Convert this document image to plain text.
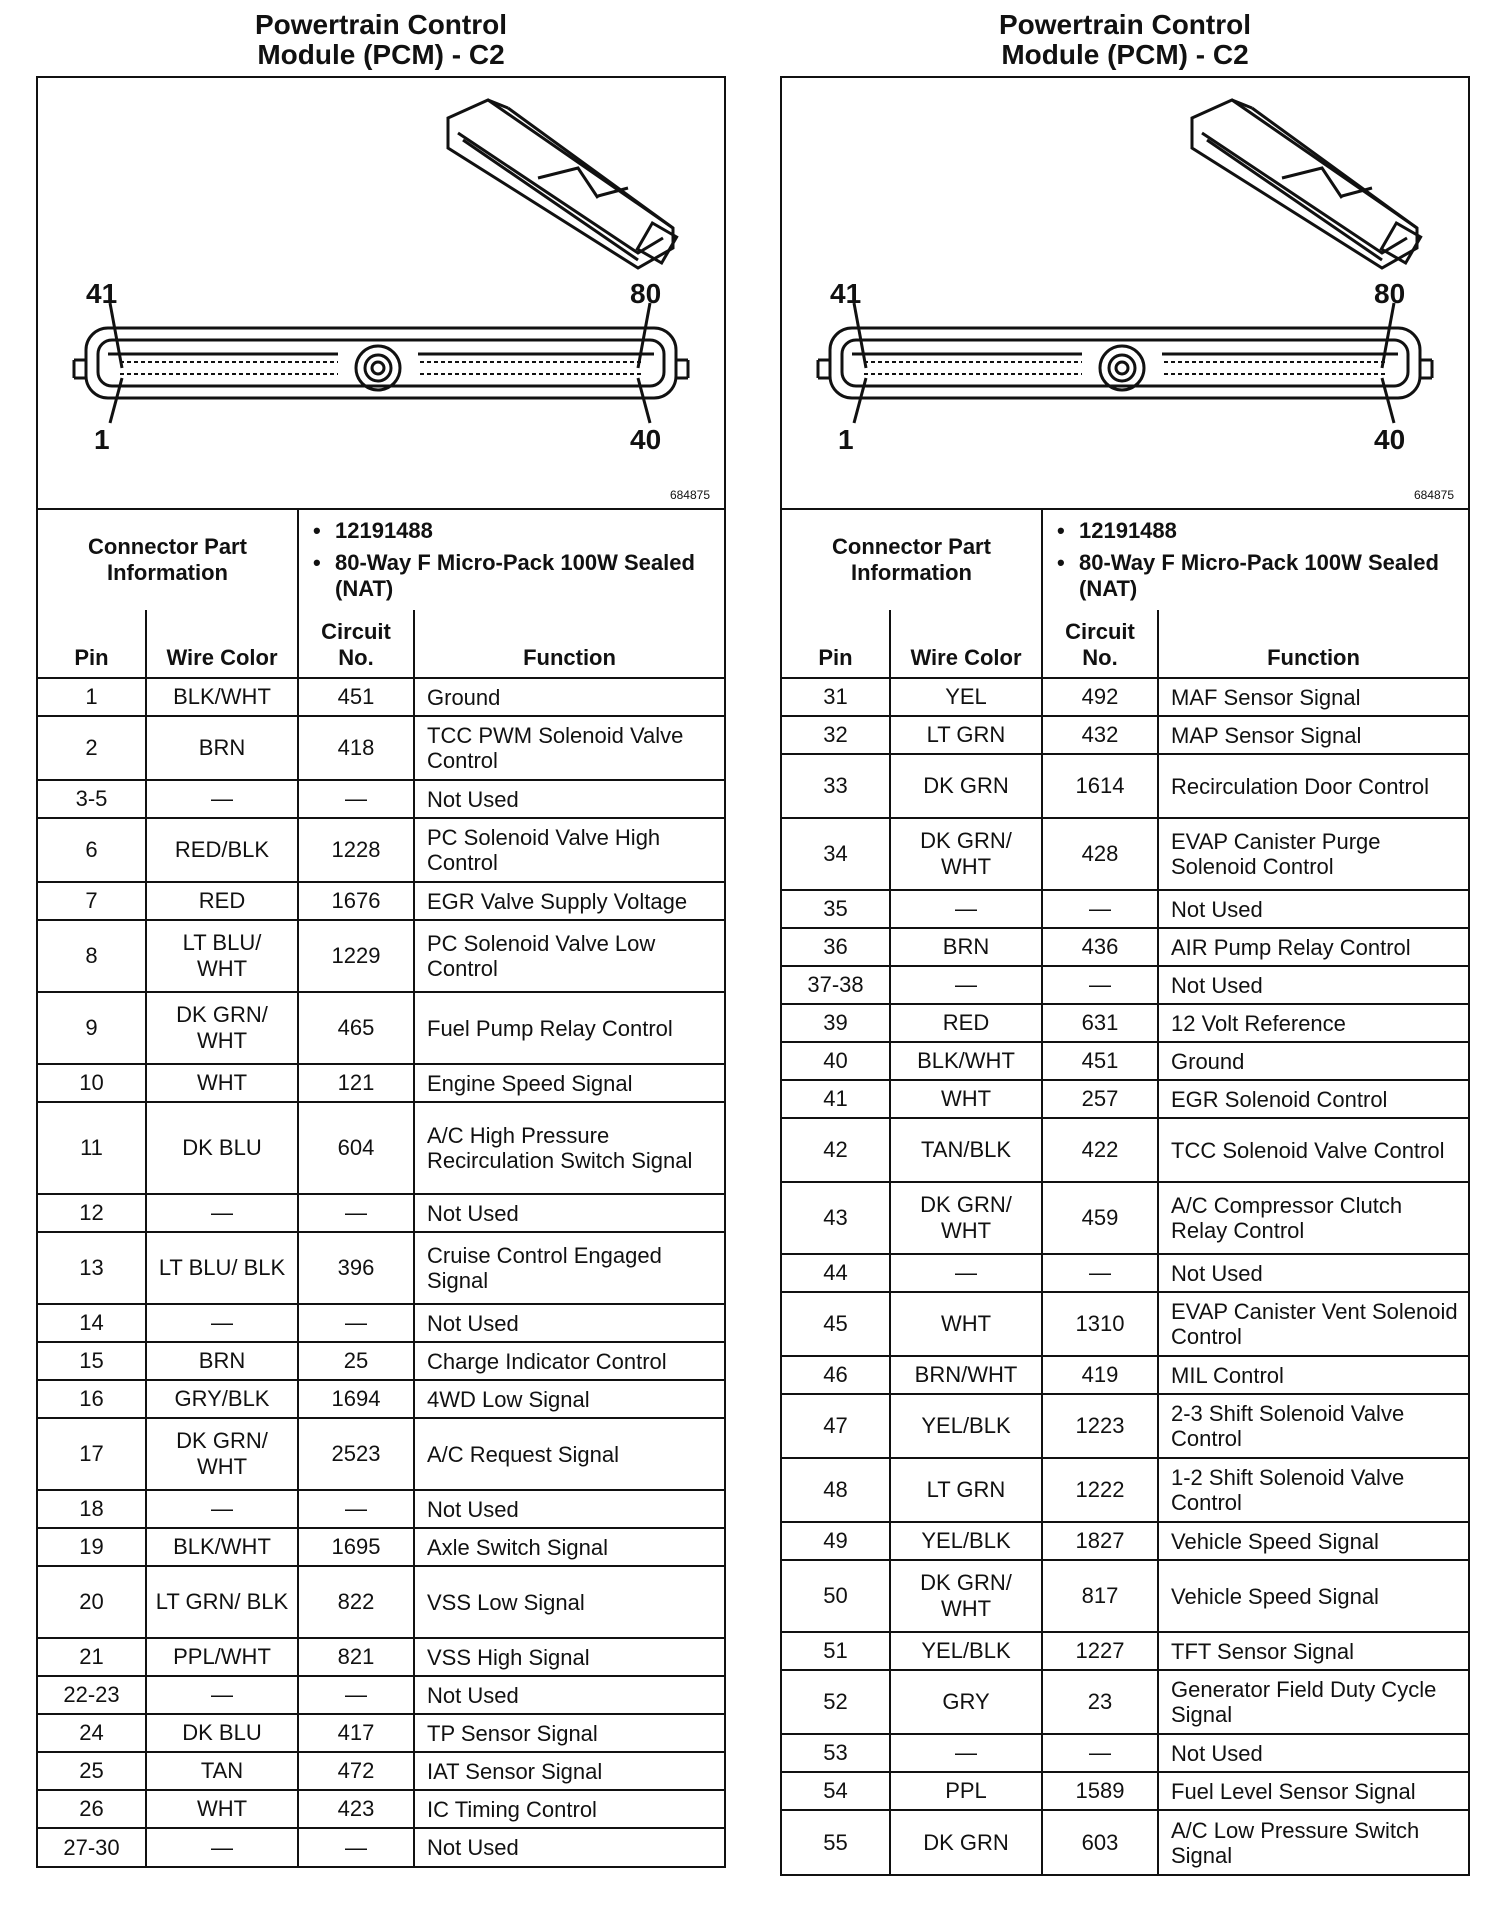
Powertrain Control
Module (PCM) - C2
41	80
1	40
684875
Connector Part Information	
• 12191488
• 80-Way F Micro-Pack 100W Sealed (NAT)
Pin	Wire Color	Circuit No.	Function
1	BLK/WHT	451	Ground
2	BRN	418	TCC PWM Solenoid Valve Control
3-5	—	—	Not Used
6	RED/BLK	1228	PC Solenoid Valve High Control
7	RED	1676	EGR Valve Supply Voltage
8	LT BLU/ WHT	1229	PC Solenoid Valve Low Control
9	DK GRN/ WHT	465	Fuel Pump Relay Control
10	WHT	121	Engine Speed Signal
11	DK BLU	604	A/C High Pressure Recirculation Switch Signal
12	—	—	Not Used
13	LT BLU/ BLK	396	Cruise Control Engaged Signal
14	—	—	Not Used
15	BRN	25	Charge Indicator Control
16	GRY/BLK	1694	4WD Low Signal
17	DK GRN/ WHT	2523	A/C Request Signal
18	—	—	Not Used
19	BLK/WHT	1695	Axle Switch Signal
20	LT GRN/ BLK	822	VSS Low Signal
21	PPL/WHT	821	VSS High Signal
22-23	—	—	Not Used
24	DK BLU	417	TP Sensor Signal
25	TAN	472	IAT Sensor Signal
26	WHT	423	IC Timing Control
27-30	—	—	Not Used
Powertrain Control
Module (PCM) - C2
41	80
1	40
684875
Connector Part Information	
• 12191488
• 80-Way F Micro-Pack 100W Sealed (NAT)
Pin	Wire Color	Circuit No.	Function
31	YEL	492	MAF Sensor Signal
32	LT GRN	432	MAP Sensor Signal
33	DK GRN	1614	Recirculation Door Control
34	DK GRN/ WHT	428	EVAP Canister Purge Solenoid Control
35	—	—	Not Used
36	BRN	436	AIR Pump Relay Control
37-38	—	—	Not Used
39	RED	631	12 Volt Reference
40	BLK/WHT	451	Ground
41	WHT	257	EGR Solenoid Control
42	TAN/BLK	422	TCC Solenoid Valve Control
43	DK GRN/ WHT	459	A/C Compressor Clutch Relay Control
44	—	—	Not Used
45	WHT	1310	EVAP Canister Vent Solenoid Control
46	BRN/WHT	419	MIL Control
47	YEL/BLK	1223	2-3 Shift Solenoid Valve Control
48	LT GRN	1222	1-2 Shift Solenoid Valve Control
49	YEL/BLK	1827	Vehicle Speed Signal
50	DK GRN/ WHT	817	Vehicle Speed Signal
51	YEL/BLK	1227	TFT Sensor Signal
52	GRY	23	Generator Field Duty Cycle Signal
53	—	—	Not Used
54	PPL	1589	Fuel Level Sensor Signal
55	DK GRN	603	A/C Low Pressure Switch Signal
